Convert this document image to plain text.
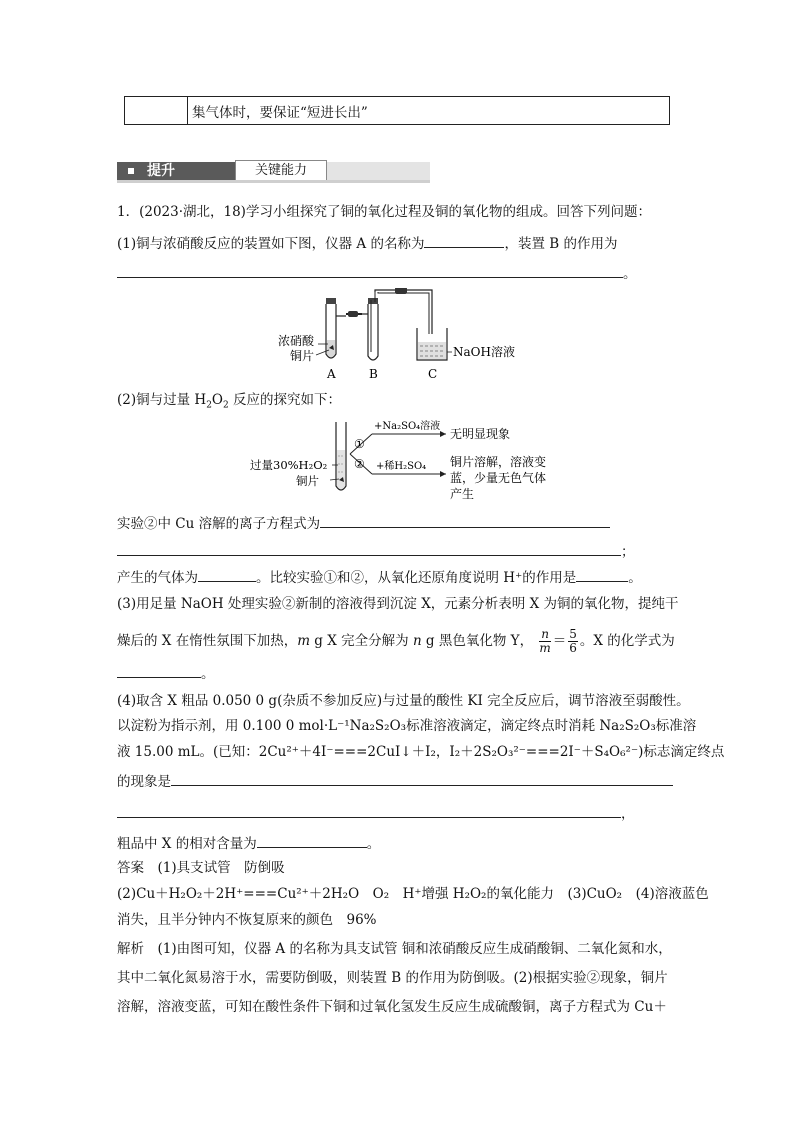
	集气体时，要保证“短进长出”
提升	关键能力
1．(2023·湖北，18)学习小组探究了铜的氧化过程及铜的氧化物的组成。回答下列问题：
(1)铜与浓硝酸反应的装置如下图，仪器 A 的名称为	，装置 B 的作用为
。
浓硝酸
铜片	NaOH溶液
A	B	C
(2)铜与过量 $H_2O_2$ 反应的探究如下：
过量30%H₂O₂
铜片
①
②
+Na₂SO₄溶液
+稀H₂SO₄
无明显现象
铜片溶解，溶液变
蓝，少量无色气体
产生
实验②中 Cu 溶解的离子方程式为
；
产生的气体为	。比较实验①和②，从氧化还原角度说明 H⁺的作用是	。
(3)用足量 NaOH 处理实验②新制的溶液得到沉淀 X，元素分析表明 X 为铜的氧化物，提纯干
燥后的 X 在惰性氛围下加热，m g X 完全分解为 n g 黑色氧化物 Y， $\frac{n}{m} = \frac{5}{6}$ 。X 的化学式为
。
(4)取含 X 粗品 0.050 0 g(杂质不参加反应)与过量的酸性 KI 完全反应后，调节溶液至弱酸性。
以淀粉为指示剂，用 0.100 0 mol·L⁻¹Na₂S₂O₃标准溶液滴定，滴定终点时消耗 Na₂S₂O₃标准溶
液 15.00 mL。(已知：2Cu²⁺＋4I⁻===2CuI↓＋I₂，I₂＋2S₂O₃²⁻===2I⁻＋S₄O₆²⁻)标志滴定终点
的现象是
，
粗品中 X 的相对含量为	。
答案　(1)具支试管　防倒吸
(2)Cu＋H₂O₂＋2H⁺===Cu²⁺＋2H₂O　O₂　H⁺增强 H₂O₂的氧化能力　(3)CuO₂　(4)溶液蓝色
消失，且半分钟内不恢复原来的颜色　96%
解析　(1)由图可知，仪器 A 的名称为具支试管 铜和浓硝酸反应生成硝酸铜、二氧化氮和水，
其中二氧化氮易溶于水，需要防倒吸，则装置 B 的作用为防倒吸。(2)根据实验②现象，铜片
溶解，溶液变蓝，可知在酸性条件下铜和过氧化氢发生反应生成硫酸铜，离子方程式为 Cu＋
